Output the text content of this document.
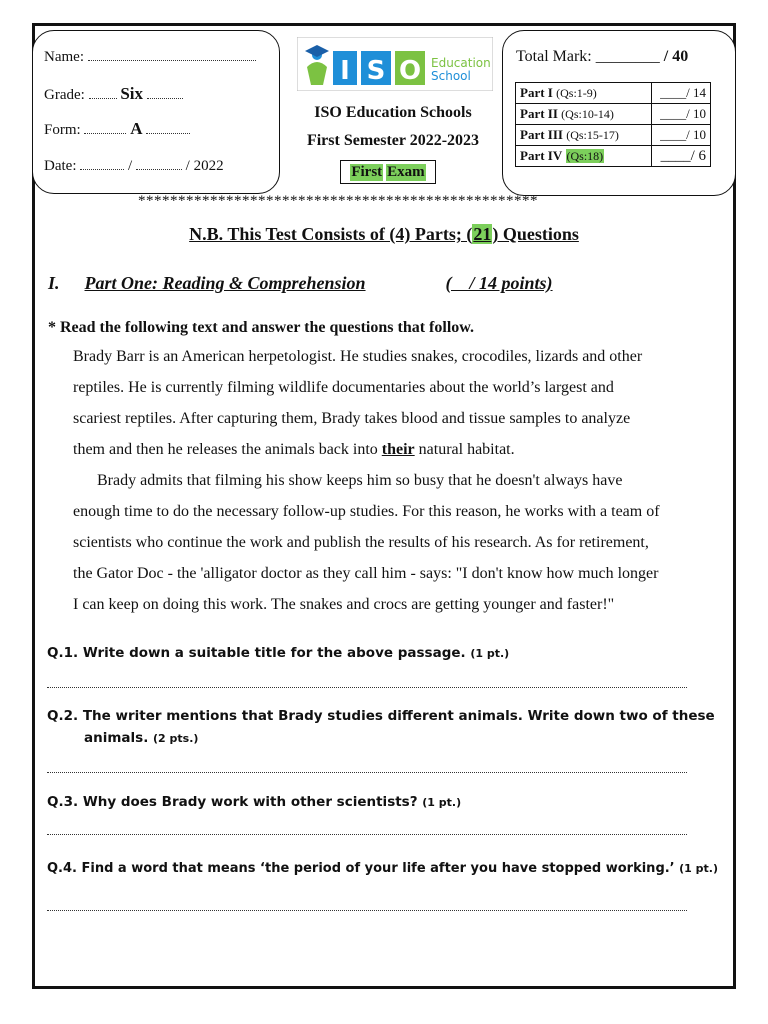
Name:
Grade: Six
Form:	A
Date:	/	/ 2022
I S O Education
School
ISO Education Schools
First Semester 2022-2023
First Exam
Total Mark: ________ / 40
Part I (Qs:1-9)	____/ 14
Part II (Qs:10-14)	____/ 10
Part III (Qs:15-17)	____/ 10
Part IV (Qs:18)	____/ 6
**************************************************
N.B. This Test Consists of (4) Parts; (21) Questions
I. Part One: Reading & Comprehension	(    / 14 points)
* Read the following text and answer the questions that follow.
Brady Barr is an American herpetologist. He studies snakes, crocodiles, lizards and other
reptiles. He is currently filming wildlife documentaries about the world’s largest and
scariest reptiles. After capturing them, Brady takes blood and tissue samples to analyze
them and then he releases the animals back into their natural habitat.
Brady admits that filming his show keeps him so busy that he doesn't always have
enough time to do the necessary follow-up studies. For this reason, he works with a team of
scientists who continue the work and publish the results of his research. As for retirement,
the Gator Doc - the 'alligator doctor as they call him - says: "I don't know how much longer
I can keep on doing this work. The snakes and crocs are getting younger and faster!"
Q.1. Write down a suitable title for the above passage. (1 pt.)
Q.2. The writer mentions that Brady studies different animals. Write down two of these
animals. (2 pts.)
Q.3. Why does Brady work with other scientists? (1 pt.)
Q.4. Find a word that means ‘the period of your life after you have stopped working.’ (1 pt.)
